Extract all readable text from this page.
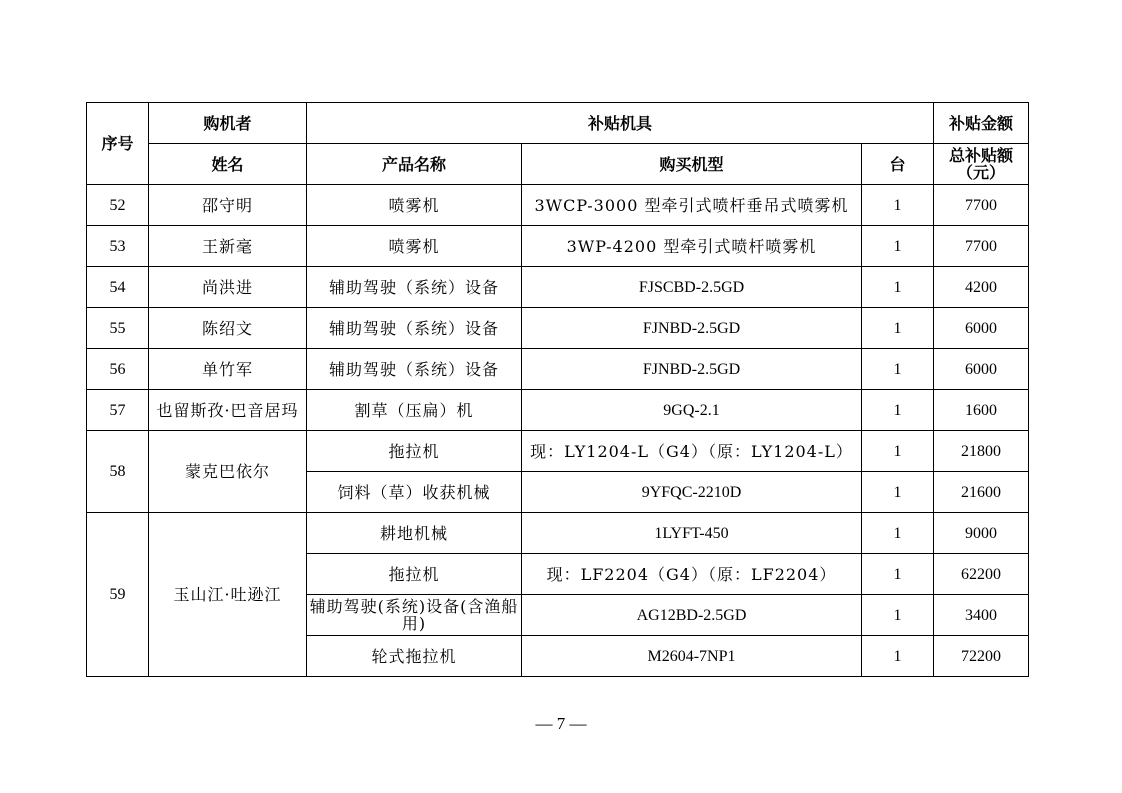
序号	购机者	补贴机具			补贴金额
	姓名	产品名称	购买机型	台	总补贴额（元）
52	邵守明	喷雾机	3WCP-3000 型牵引式喷杆垂吊式喷雾机	1	7700
53	王新毫	喷雾机	3WP-4200 型牵引式喷杆喷雾机	1	7700
54	尚洪进	辅助驾驶（系统）设备	FJSCBD-2.5GD	1	4200
55	陈绍文	辅助驾驶（系统）设备	FJNBD-2.5GD	1	6000
56	单竹军	辅助驾驶（系统）设备	FJNBD-2.5GD	1	6000
57	也留斯孜·巴音居玛	割草（压扁）机	9GQ-2.1	1	1600
58	蒙克巴依尔	拖拉机	现：LY1204-L（G4）（原：LY1204-L）	1	21800
		饲料（草）收获机械	9YFQC-2210D	1	21600
59	玉山江·吐逊江	耕地机械	1LYFT-450	1	9000
		拖拉机	现：LF2204（G4）（原：LF2204）	1	62200
		辅助驾驶(系统)设备(含渔船用)	AG12BD-2.5GD	1	3400
		轮式拖拉机	M2604-7NP1	1	72200
— 7 —
